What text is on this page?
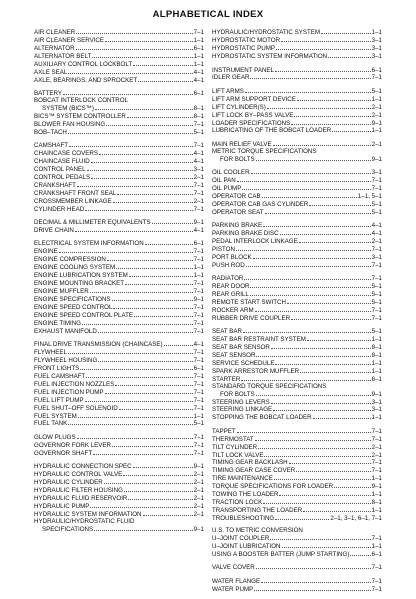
ALPHABETICAL INDEX
AIR CLEANER	7–1
AIR CLEANER SERVICE	1–1
ALTERNATOR	6–1
ALTERNATOR BELT	1–1
AUXILIARY CONTROL LOCKBOLT	1–1
AXLE SEAL	4–1
AXLE, BEARINGS, AND SPROCKET	4–1
BATTERY	6–1
BOBCAT INTERLOCK CONTROL
SYSTEM (BICS™)	8–1
BICS™ SYSTEM CONTROLLER	8–1
BLOWER FAN HOUSING	7–1
BOB–TACH	5–1
CAMSHAFT	7–1
CHAINCASE COVERS	4–1
CHAINCASE FLUID	4–1
CONTROL PANEL	3–1
CONTROL PEDALS	2–1
CRANKSHAFT	7–1
CRANKSHAFT FRONT SEAL	7–1
CROSSMEMBER LINKAGE	2–1
CYLINDER HEAD	7–1
DECIMAL & MILLIMETER EQUIVALENTS	9–1
DRIVE CHAIN	4–1
ELECTRICAL SYSTEM INFORMATION	6–1
ENGINE	7–1
ENGINE COMPRESSION	7–1
ENGINE COOLING SYSTEM	1–1
ENGINE LUBRICATION SYSTEM	1–1
ENGINE MOUNTING BRACKET	7–1
ENGINE MUFFLER	7–1
ENGINE SPECIFICATIONS	9–1
ENGINE SPEED CONTROL	7–1
ENGINE SPEED CONTROL PLATE	7–1
ENGINE TIMING	7–1
EXHAUST MANIFOLD	7–1
FINAL DRIVE TRANSMISSION (CHAINCASE)	4–1
FLYWHEEL	7–1
FLYWHEEL HOUSING	7–1
FRONT LIGHTS	6–1
FUEL CAMSHAFT	7–1
FUEL INJECTION NOZZLES	7–1
FUEL INJECTION PUMP	7–1
FUEL LIFT PUMP	7–1
FUEL SHUT–OFF SOLENOID	7–1
FUEL SYSTEM	1–1
FUEL TANK	5–1
GLOW PLUGS	7–1
GOVERNOR FORK LEVER	7–1
GOVERNOR SHAFT	7–1
HYDRAULIC CONNECTION SPEC	9–1
HYDRAULIC CONTROL VALVE	2–1
HYDRAULIC CYLINDER	2–1
HYDRAULIC FILTER HOUSING	2–1
HYDRAULIC FLUID RESERVOIR	2–1
HYDRAULIC PUMP	2–1
HYDRAULIC SYSTEM INFORMATION	2–1
HYDRAULIC/HYDROSTATIC FLUID
SPECIFICATIONS	9–1
HYDRAULIC/HYDROSTATIC SYSTEM	1–1
HYDROSTATIC MOTOR	3–1
HYDROSTATIC PUMP	3–1
HYDROSTATIC SYSTEM INFORMATION	3–1
INSTRUMENT PANEL	6–1
IDLER GEAR	7–1
LIFT ARMS	5–1
LIFT ARM SUPPORT DEVICE	1–1
LIFT CYLINDER(S)	2–1
LIFT LOCK BY–PASS VALVE	2–1
LOADER SPECIFICATIONS	9–1
LUBRICATING OF THE BOBCAT LOADER	1–1
MAIN RELIEF VALVE	2–1
METRIC TORQUE SPECIFICATIONS
FOR BOLTS	9–1
OIL COOLER	3–1
OIL PAN	7–1
OIL PUMP	7–1
OPERATOR CAB	1–1, 5–1
OPERATOR CAB GAS CYLINDER	5–1
OPERATOR SEAT	5–1
PARKING BRAKE	4–1
PARKING BRAKE DISC	4–1
PEDAL INTERLOCK LINKAGE	2–1
PISTON	7–1
PORT BLOCK	3–1
PUSH ROD	7–1
RADIATOR	7–1
REAR DOOR	5–1
REAR GRILL	5–1
REMOTE START SWITCH	5–1
ROCKER ARM	7–1
RUBBER DRIVE COUPLER	7–1
SEAT BAR	5–1
SEAT BAR RESTRAINT SYSTEM	1–1
SEAT BAR SENSOR	8–1
SEAT SENSOR	8–1
SERVICE SCHEDULE	1–1
SPARK ARRESTOR MUFFLER	1–1
STARTER	6–1
STANDARD TORQUE SPECIFICATIONS
FOR BOLTS	9–1
STEERING LEVERS	3–1
STEERING LINKAGE	3–1
STOPPING THE BOBCAT LOADER	1–1
TAPPET	7–1
THERMOSTAT	7–1
TILT CYLINDER	2–1
TILT LOCK VALVE	2–1
TIMING GEAR BACKLASH	7–1
TIMING GEAR CASE COVER	7–1
TIRE MAINTENANCE	1–1
TORQUE SPECIFICATIONS FOR LOADER	9–1
TOWING THE LOADER	1–1
TRACTION LOCK	8–1
TRANSPORTING THE LOADER	1–1
TROUBLESHOOTING	2–1, 3–1, 6–1, 7–1
U.S. TO METRIC CONVERSION
U–JOINT COUPLER	7–1
U–JOINT LUBRICATION	1–1
USING A BOOSTER BATTER (JUMP STARTING)	6–1
VALVE COVER	7–1
WATER FLANGE	7–1
WATER PUMP	7–1
